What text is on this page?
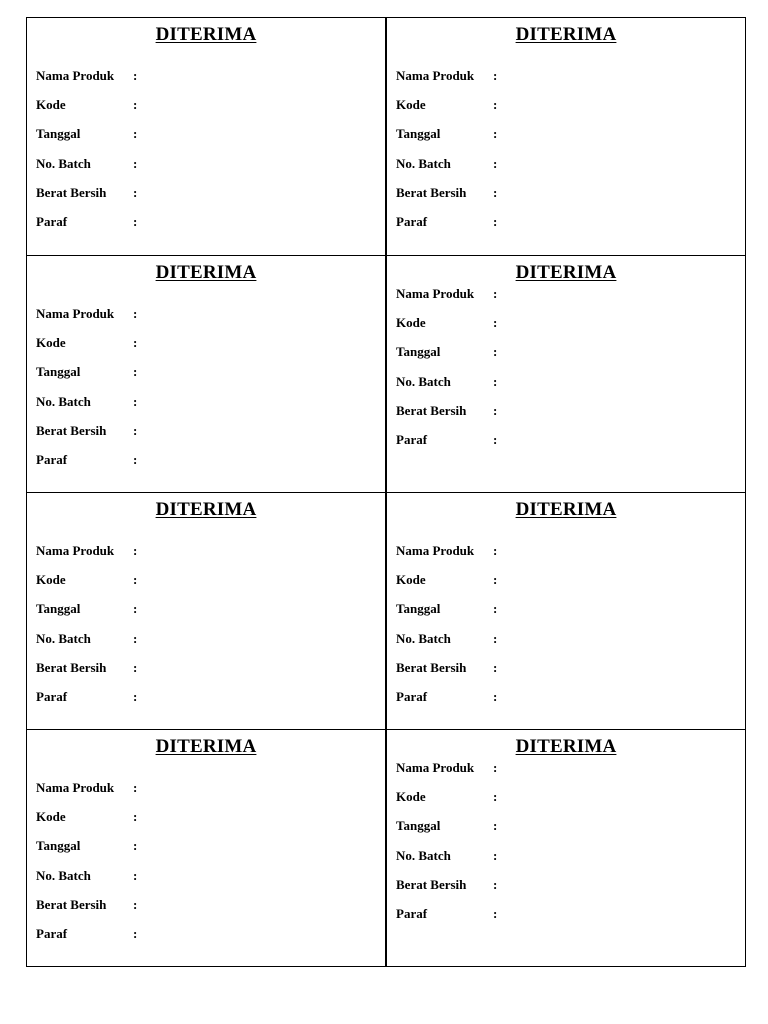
DITERIMA
Nama Produk :
Kode	:
Tanggal	:
No. Batch	:
Berat Bersih :
Paraf	:
DITERIMA
Nama Produk :
Kode	:
Tanggal	:
No. Batch	:
Berat Bersih :
Paraf	:
DITERIMA
Nama Produk :
Kode	:
Tanggal	:
No. Batch	:
Berat Bersih :
Paraf	:
DITERIMA
Nama Produk :
Kode	:
Tanggal	:
No. Batch	:
Berat Bersih :
Paraf	:
DITERIMA
Nama Produk :
Kode	:
Tanggal	:
No. Batch	:
Berat Bersih :
Paraf	:
DITERIMA
Nama Produk :
Kode	:
Tanggal	:
No. Batch	:
Berat Bersih :
Paraf	:
DITERIMA
Nama Produk :
Kode	:
Tanggal	:
No. Batch	:
Berat Bersih :
Paraf	:
DITERIMA
Nama Produk :
Kode	:
Tanggal	:
No. Batch	:
Berat Bersih :
Paraf	:
